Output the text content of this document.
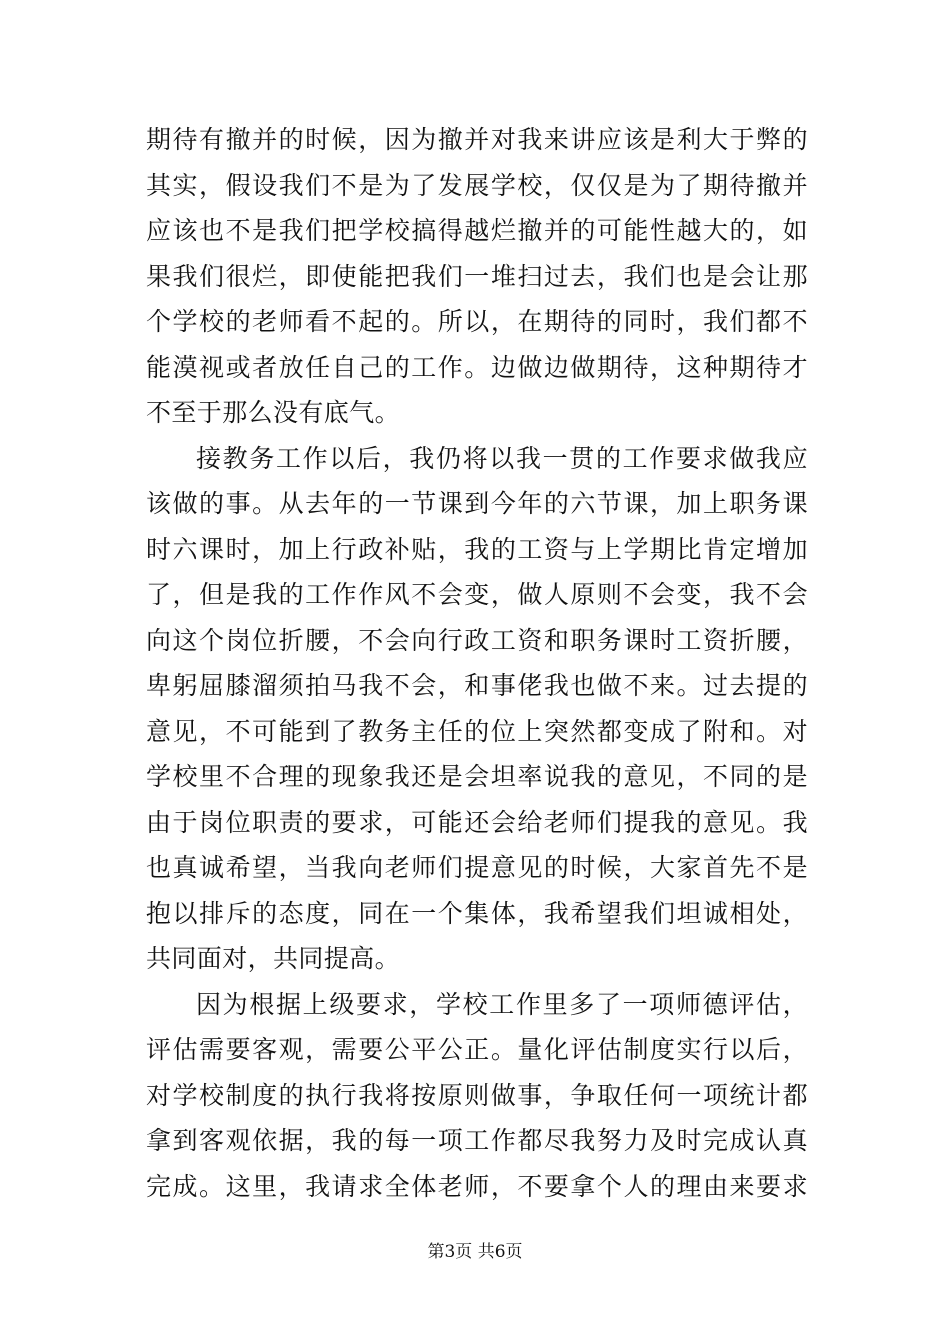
期待有撤并的时候，因为撤并对我来讲应该是利大于弊的
其实，假设我们不是为了发展学校，仅仅是为了期待撤并
应该也不是我们把学校搞得越烂撤并的可能性越大的，如
果我们很烂，即使能把我们一堆扫过去，我们也是会让那
个学校的老师看不起的。所以，在期待的同时，我们都不
能漠视或者放任自己的工作。边做边做期待，这种期待才
不至于那么没有底气。
接教务工作以后，我仍将以我一贯的工作要求做我应
该做的事。从去年的一节课到今年的六节课，加上职务课
时六课时，加上行政补贴，我的工资与上学期比肯定增加
了，但是我的工作作风不会变，做人原则不会变，我不会
向这个岗位折腰，不会向行政工资和职务课时工资折腰，
卑躬屈膝溜须拍马我不会，和事佬我也做不来。过去提的
意见，不可能到了教务主任的位上突然都变成了附和。对
学校里不合理的现象我还是会坦率说我的意见，不同的是
由于岗位职责的要求，可能还会给老师们提我的意见。我
也真诚希望，当我向老师们提意见的时候，大家首先不是
抱以排斥的态度，同在一个集体，我希望我们坦诚相处，
共同面对，共同提高。
因为根据上级要求，学校工作里多了一项师德评估，
评估需要客观，需要公平公正。量化评估制度实行以后，
对学校制度的执行我将按原则做事，争取任何一项统计都
拿到客观依据，我的每一项工作都尽我努力及时完成认真
完成。这里，我请求全体老师，不要拿个人的理由来要求
第3页 共6页
